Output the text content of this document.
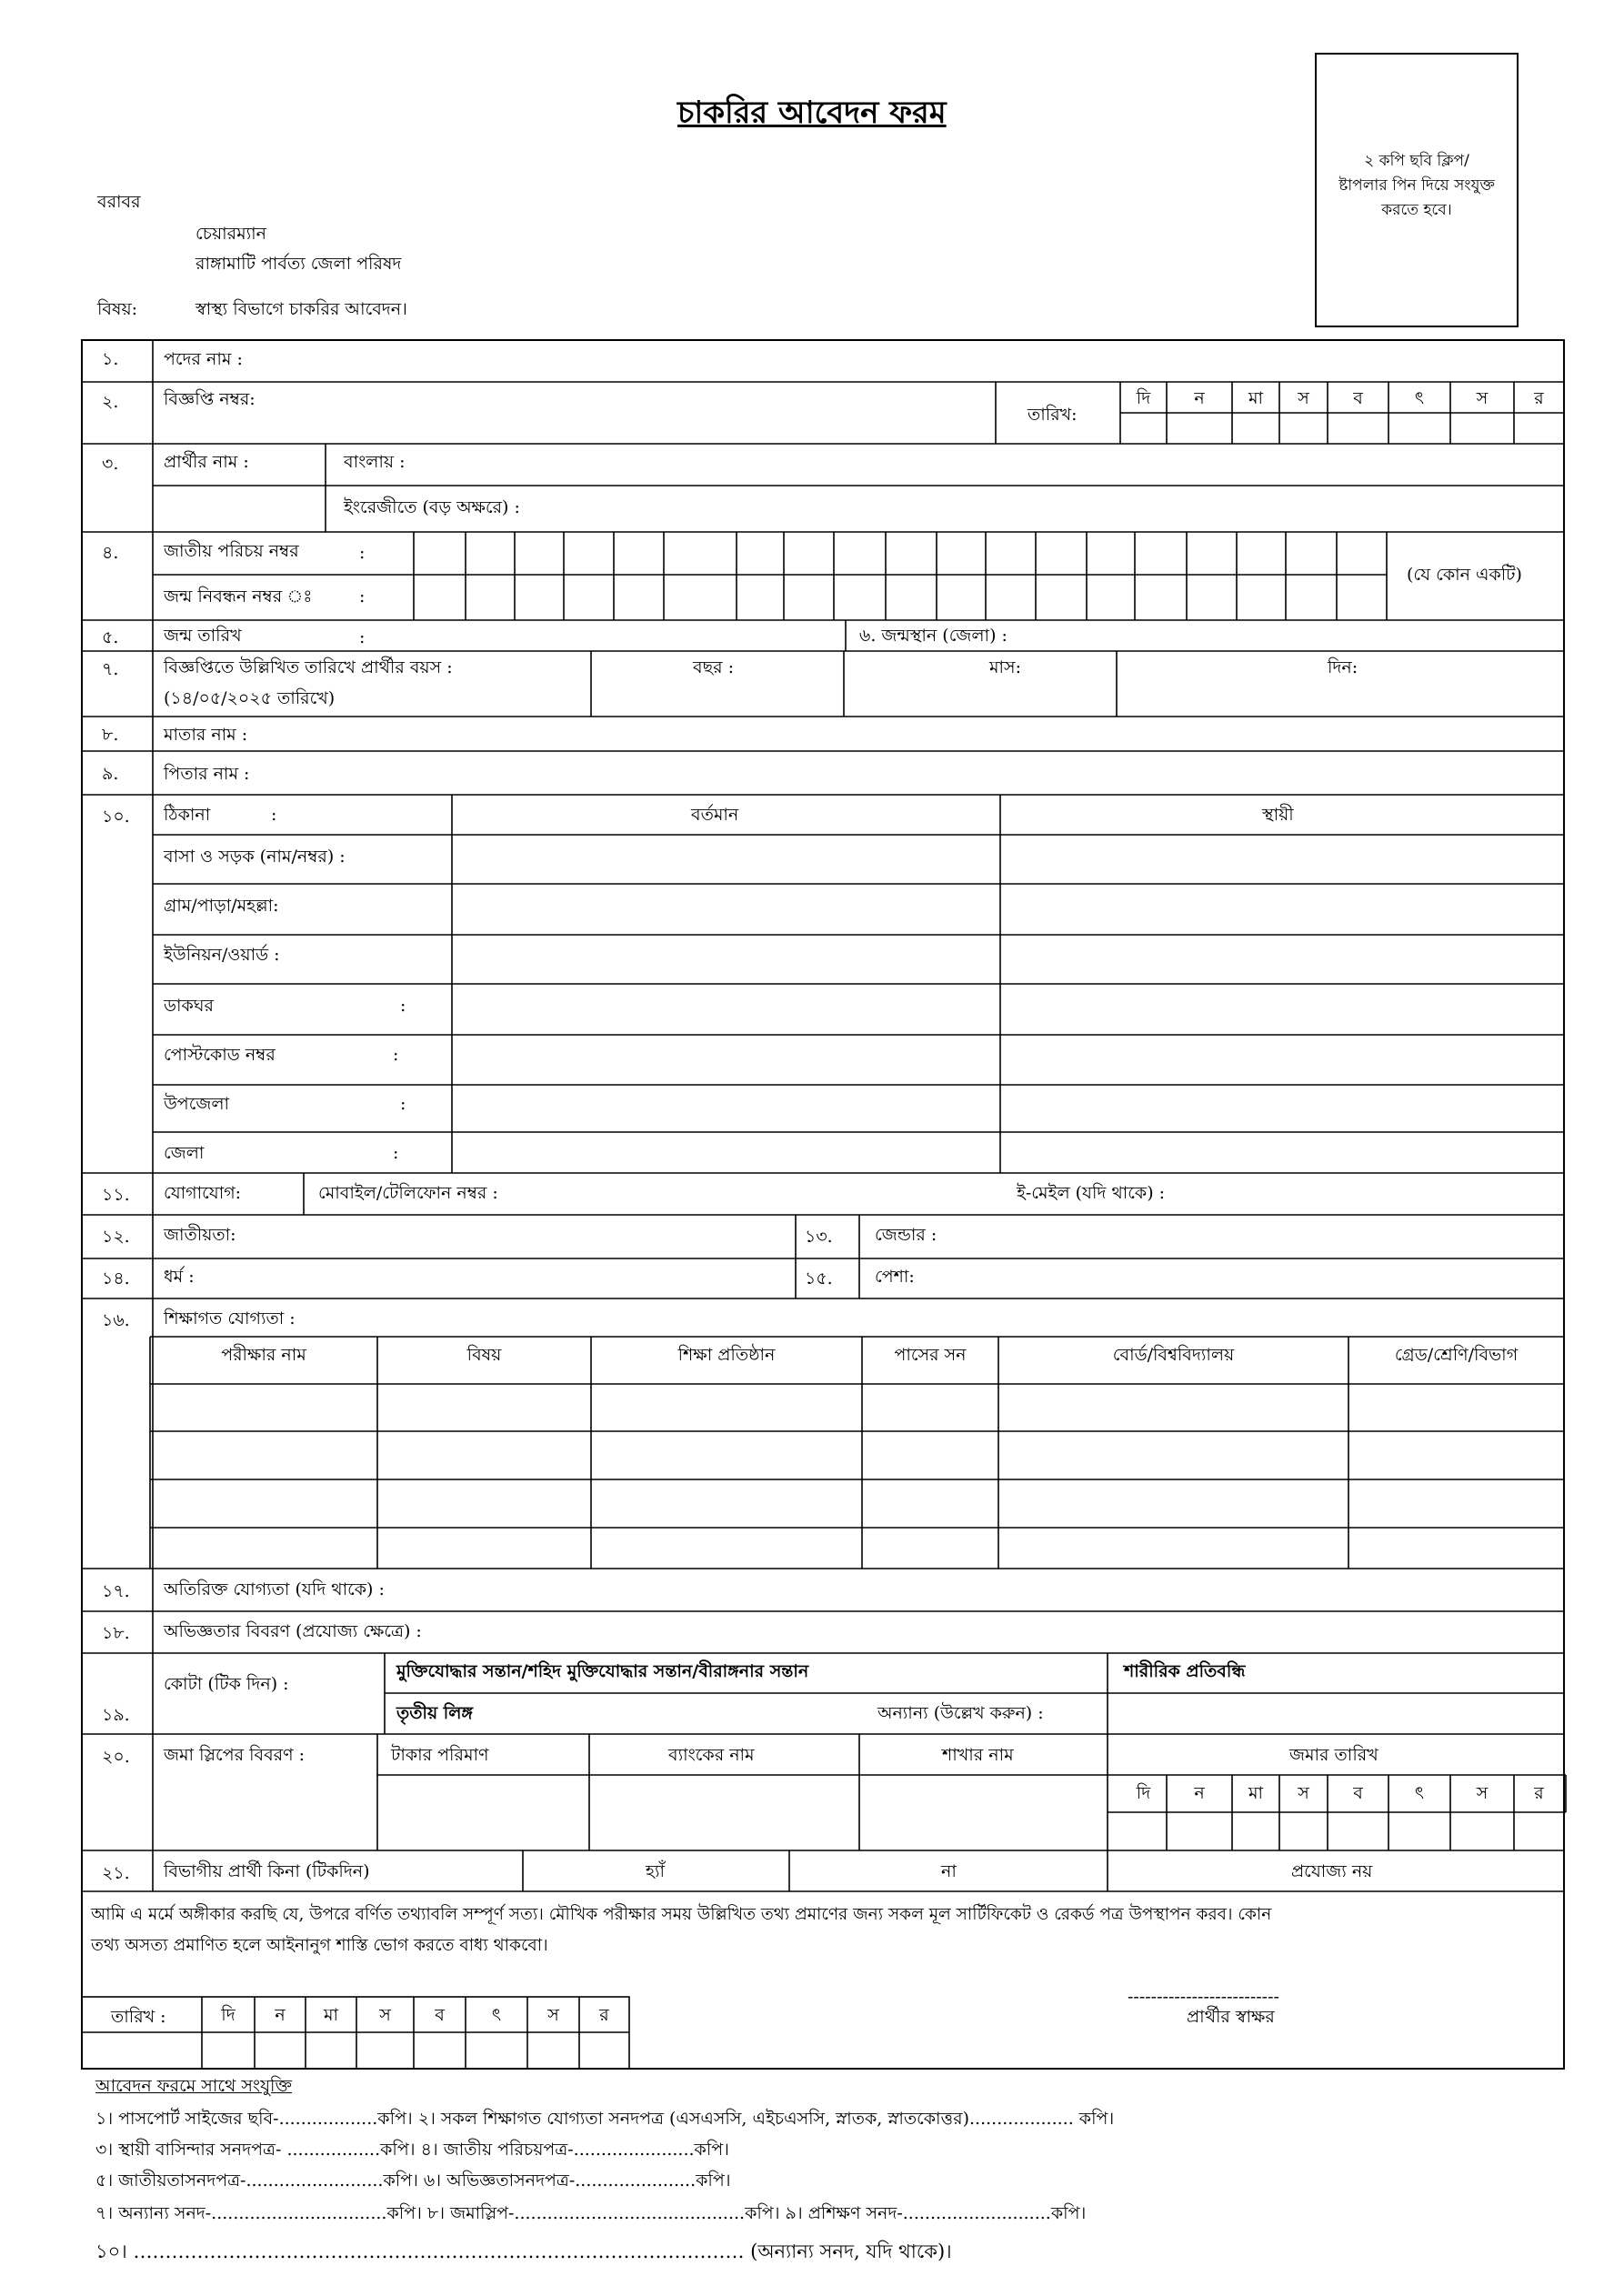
চাকরির আবেদন ফরম
২ কপি ছবি ক্লিপ/
ষ্টাপলার পিন দিয়ে সংযুক্ত
করতে হবে।
বরাবর
চেয়ারম্যান
রাঙ্গামাটি পার্বত্য জেলা পরিষদ
বিষয়:	স্বাস্থ্য বিভাগে চাকরির আবেদন।
১.	পদের নাম :
২.	বিজ্ঞপ্তি নম্বর:
তারিখ:
দি	ন	মা	স	ব	ৎ	স	র
৩.	প্রার্থীর নাম :	বাংলায় :
ইংরেজীতে (বড় অক্ষরে) :
৪.	জাতীয় পরিচয় নম্বর	:
জন্ম নিবন্ধন নম্বর ঃ	:
(যে কোন একটি)
৫.	জন্ম তারিখ	:	৬. জন্মস্থান (জেলা) :
৭.	বিজ্ঞপ্তিতে উল্লিখিত তারিখে প্রার্থীর বয়স :
(১৪/০৫/২০২৫ তারিখে)
বছর :	মাস:	দিন:
৮.	মাতার নাম :
৯.	পিতার নাম :
১০. ঠিকানা	:	বর্তমান	স্থায়ী
বাসা ও সড়ক (নাম/নম্বর) :
গ্রাম/পাড়া/মহল্লা:
ইউনিয়ন/ওয়ার্ড :
ডাকঘর	:
পোস্টকোড নম্বর	:
উপজেলা	:
জেলা	:
১১. যোগাযোগ:	মোবাইল/টেলিফোন নম্বর :	ই-মেইল (যদি থাকে) :
১২. জাতীয়তা:	১৩. জেন্ডার :
১৪. ধর্ম :	১৫. পেশা:
১৬. শিক্ষাগত যোগ্যতা :
পরীক্ষার নাম	বিষয়	শিক্ষা প্রতিষ্ঠান	পাসের সন	বোর্ড/বিশ্ববিদ্যালয়	গ্রেড/শ্রেণি/বিভাগ
১৭. অতিরিক্ত যোগ্যতা (যদি থাকে) :
১৮. অভিজ্ঞতার বিবরণ (প্রযোজ্য ক্ষেত্রে) :
১৯.
কোটা (টিক দিন) :
মুক্তিযোদ্ধার সন্তান/শহিদ মুক্তিযোদ্ধার সন্তান/বীরাঙ্গনার সন্তান	শারীরিক প্রতিবন্ধি
তৃতীয় লিঙ্গ	অন্যান্য (উল্লেখ করুন) :
২০. জমা স্লিপের বিবরণ :	টাকার পরিমাণ	ব্যাংকের নাম	শাখার নাম	জমার তারিখ
দি	ন	মা	স	ব	ৎ	স	র
২১. বিভাগীয় প্রার্থী কিনা (টিকদিন)	হ্যাঁ	না	প্রযোজ্য নয়
আমি এ মর্মে অঙ্গীকার করছি যে, উপরে বর্ণিত তথ্যাবলি সম্পূর্ণ সত্য। মৌখিক পরীক্ষার সময় উল্লিখিত তথ্য প্রমাণের জন্য সকল মূল সার্টিফিকেট ও রেকর্ড পত্র উপস্থাপন করব। কোন
তথ্য অসত্য প্রমাণিত হলে আইনানুগ শাস্তি ভোগ করতে বাধ্য থাকবো।
তারিখ :	দি	ন	মা	স	ব	ৎ	স	র
--------------------------
প্রার্থীর স্বাক্ষর
আবেদন ফরমে সাথে সংযুক্তি
১। পাসপোর্ট সাইজের ছবি-..................কপি। ২। সকল শিক্ষাগত যোগ্যতা সনদপত্র (এসএসসি, এইচএসসি, স্নাতক, স্নাতকোত্তর)................... কপি।
৩। স্থায়ী বাসিন্দার সনদপত্র- .................কপি। ৪। জাতীয় পরিচয়পত্র-......................কপি।
৫। জাতীয়তাসনদপত্র-.........................কপি। ৬। অভিজ্ঞতাসনদপত্র-......................কপি।
৭। অন্যান্য সনদ-................................কপি। ৮। জমাস্লিপ-..........................................কপি। ৯। প্রশিক্ষণ সনদ-...........................কপি।
১০। …………………………………………………………………………………… (অন্যান্য সনদ, যদি থাকে)।
